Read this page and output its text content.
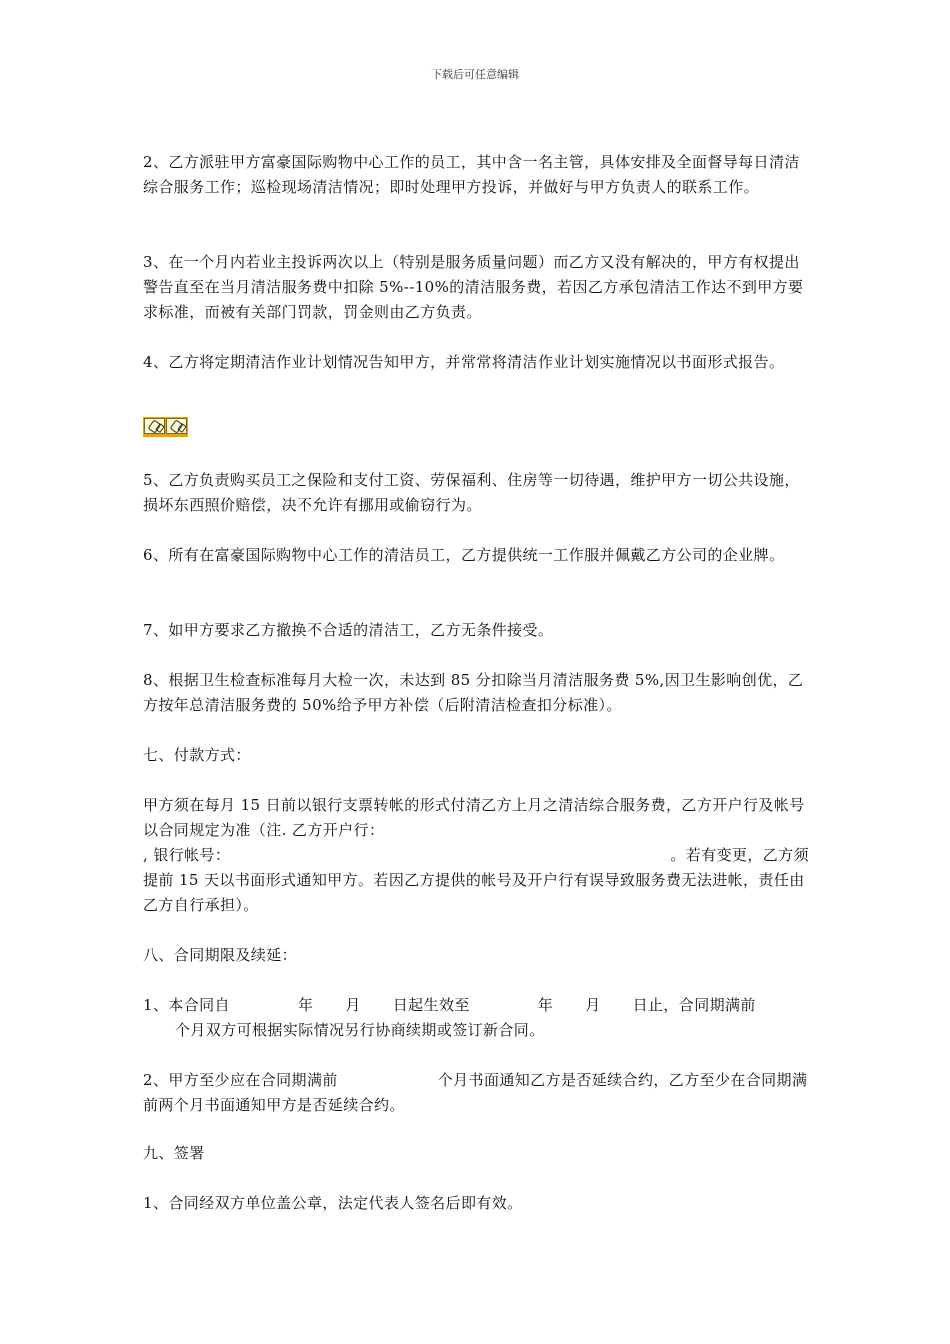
下载后可任意编辑

2、乙方派驻甲方富豪国际购物中心工作的员工，其中含一名主管，具体安排及全面督导每日清洁综合服务工作；巡检现场清洁情况；即时处理甲方投诉，并做好与甲方负责人的联系工作。

3、在一个月内若业主投诉两次以上（特别是服务质量问题）而乙方又没有解决的，甲方有权提出警告直至在当月清洁服务费中扣除 5%--10%的清洁服务费，若因乙方承包清洁工作达不到甲方要求标准，而被有关部门罚款，罚金则由乙方负责。

4、乙方将定期清洁作业计划情况告知甲方，并常常将清洁作业计划实施情况以书面形式报告。

5、乙方负责购买员工之保险和支付工资、劳保福利、住房等一切待遇，维护甲方一切公共设施，损坏东西照价赔偿，决不允许有挪用或偷窃行为。

6、所有在富豪国际购物中心工作的清洁员工，乙方提供统一工作服并佩戴乙方公司的企业牌。

7、如甲方要求乙方撤换不合适的清洁工，乙方无条件接受。

8、根据卫生检查标准每月大检一次，未达到 85 分扣除当月清洁服务费 5%,因卫生影响创优，乙方按年总清洁服务费的 50%给予甲方补偿（后附清洁检查扣分标准）。

七、付款方式：

甲方须在每月 15 日前以银行支票转帐的形式付清乙方上月之清洁综合服务费，乙方开户行及帐号以合同规定为准（注. 乙方开户行：
, 银行帐号：	。若有变更，乙方须
提前 15 天以书面形式通知甲方。若因乙方提供的帐号及开户行有误导致服务费无法进帐，责任由乙方自行承担）。

八、合同期限及续延：

1、本合同自	年 月 日起生效至	年 月 日止，合同期满前
个月双方可根据实际情况另行协商续期或签订新合同。
2、甲方至少应在合同期满前	个月书面通知乙方是否延续合约，乙方至少在合同期满前两个月书面通知甲方是否延续合约。

九、签署

1、合同经双方单位盖公章，法定代表人签名后即有效。
